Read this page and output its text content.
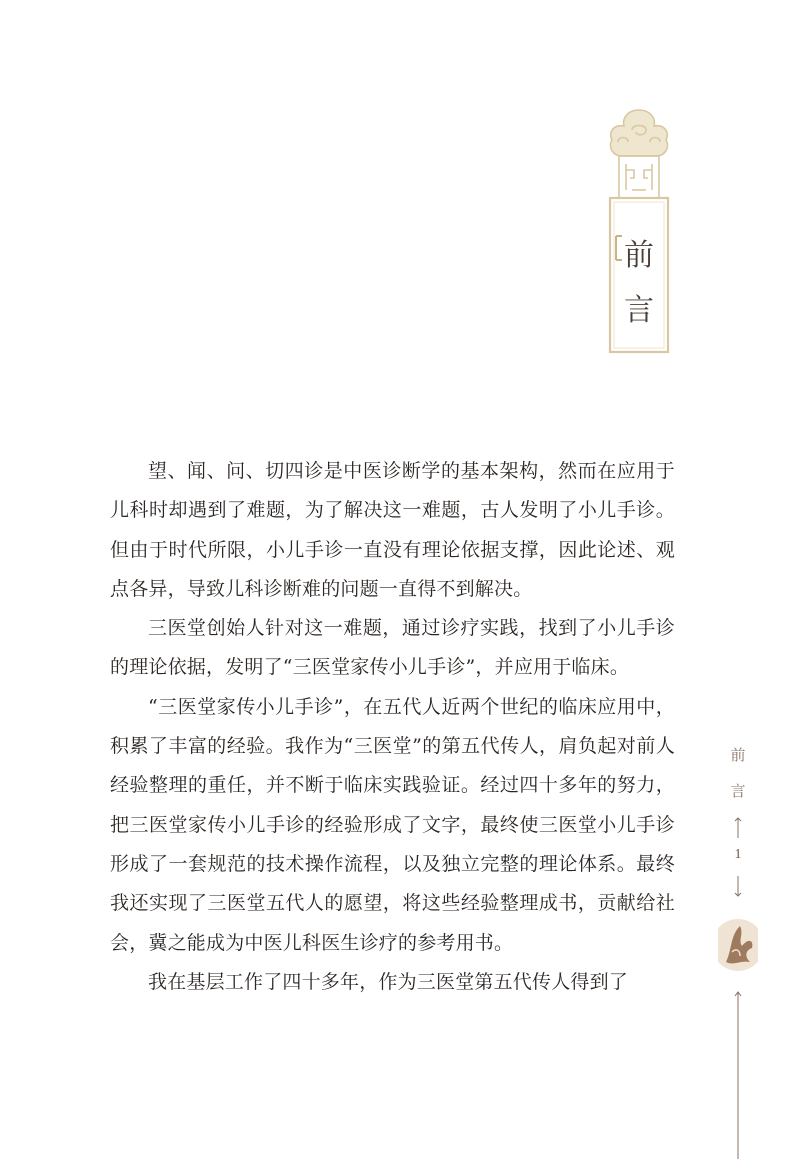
前
言

望、闻、问、切四诊是中医诊断学的基本架构，然而在应用于儿科时却遇到了难题，为了解决这一难题，古人发明了小儿手诊。但由于时代所限，小儿手诊一直没有理论依据支撑，因此论述、观点各异，导致儿科诊断难的问题一直得不到解决。

三医堂创始人针对这一难题，通过诊疗实践，找到了小儿手诊的理论依据，发明了“三医堂家传小儿手诊”，并应用于临床。

“三医堂家传小儿手诊”，在五代人近两个世纪的临床应用中，积累了丰富的经验。我作为“三医堂”的第五代传人，肩负起对前人经验整理的重任，并不断于临床实践验证。经过四十多年的努力，把三医堂家传小儿手诊的经验形成了文字，最终使三医堂小儿手诊形成了一套规范的技术操作流程，以及独立完整的理论体系。最终我还实现了三医堂五代人的愿望，将这些经验整理成书，贡献给社会，冀之能成为中医儿科医生诊疗的参考用书。

我在基层工作了四十多年，作为三医堂第五代传人得到了

前
言
1
